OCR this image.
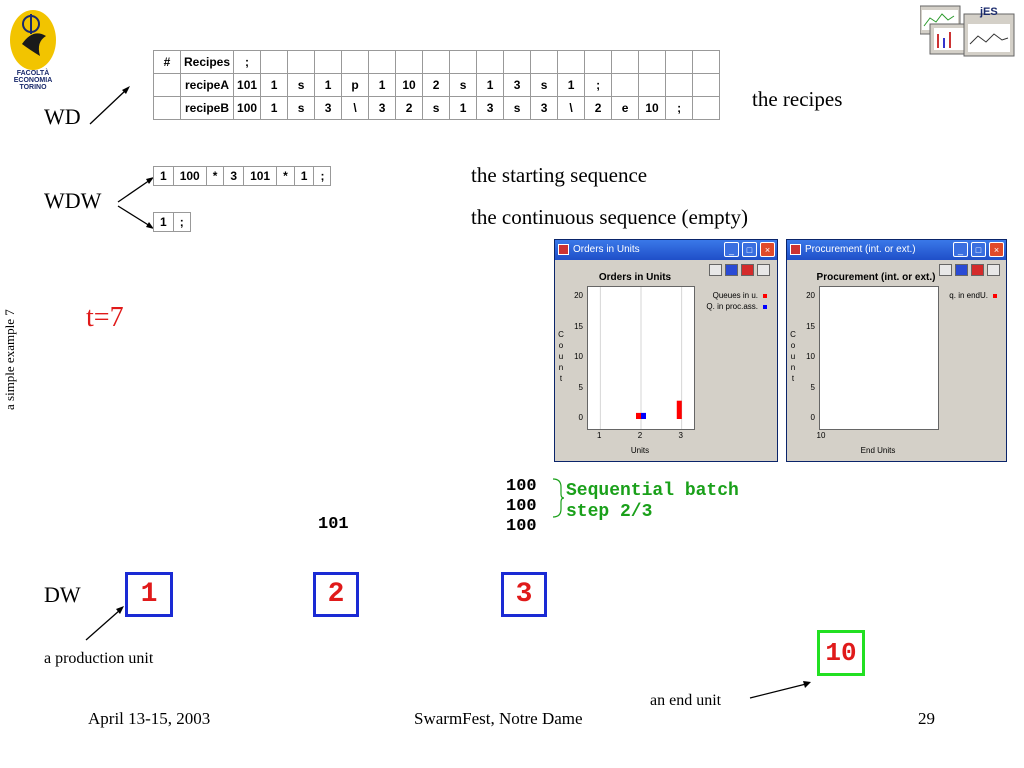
FACOLTÀ
ECONOMIA
TORINO
jES
a simple example 7
WD
#	Recipes	;																	
	recipeA	101	1	s	1	p	1	10	2	s	1	3	s	1	;				
	recipeB	100	1	s	3	\	3	2	s	1	3	s	3	\	2	e	10	;		the recipes
WDW
1	100	*	3	101	*	1	;	the starting sequence
1	;	the continuous sequence (empty)
t=7
Orders in Units	_	□	×
Orders in Units
0
5
10
15
20
1	2	3
C
o
u
n
t
Units
Queues in u.
Q. in proc.ass.
Procurement (int. or ext.)	_	□	×
Procurement (int. or ext.)
0
5
10
15
20
10
C
o
u
n
t
End Units
q. in endU.
101
100
100
100
Sequential batch
step 2/3
DW	1	2	3
10
a production unit
an end unit
April 13-15, 2003	SwarmFest, Notre Dame	29
